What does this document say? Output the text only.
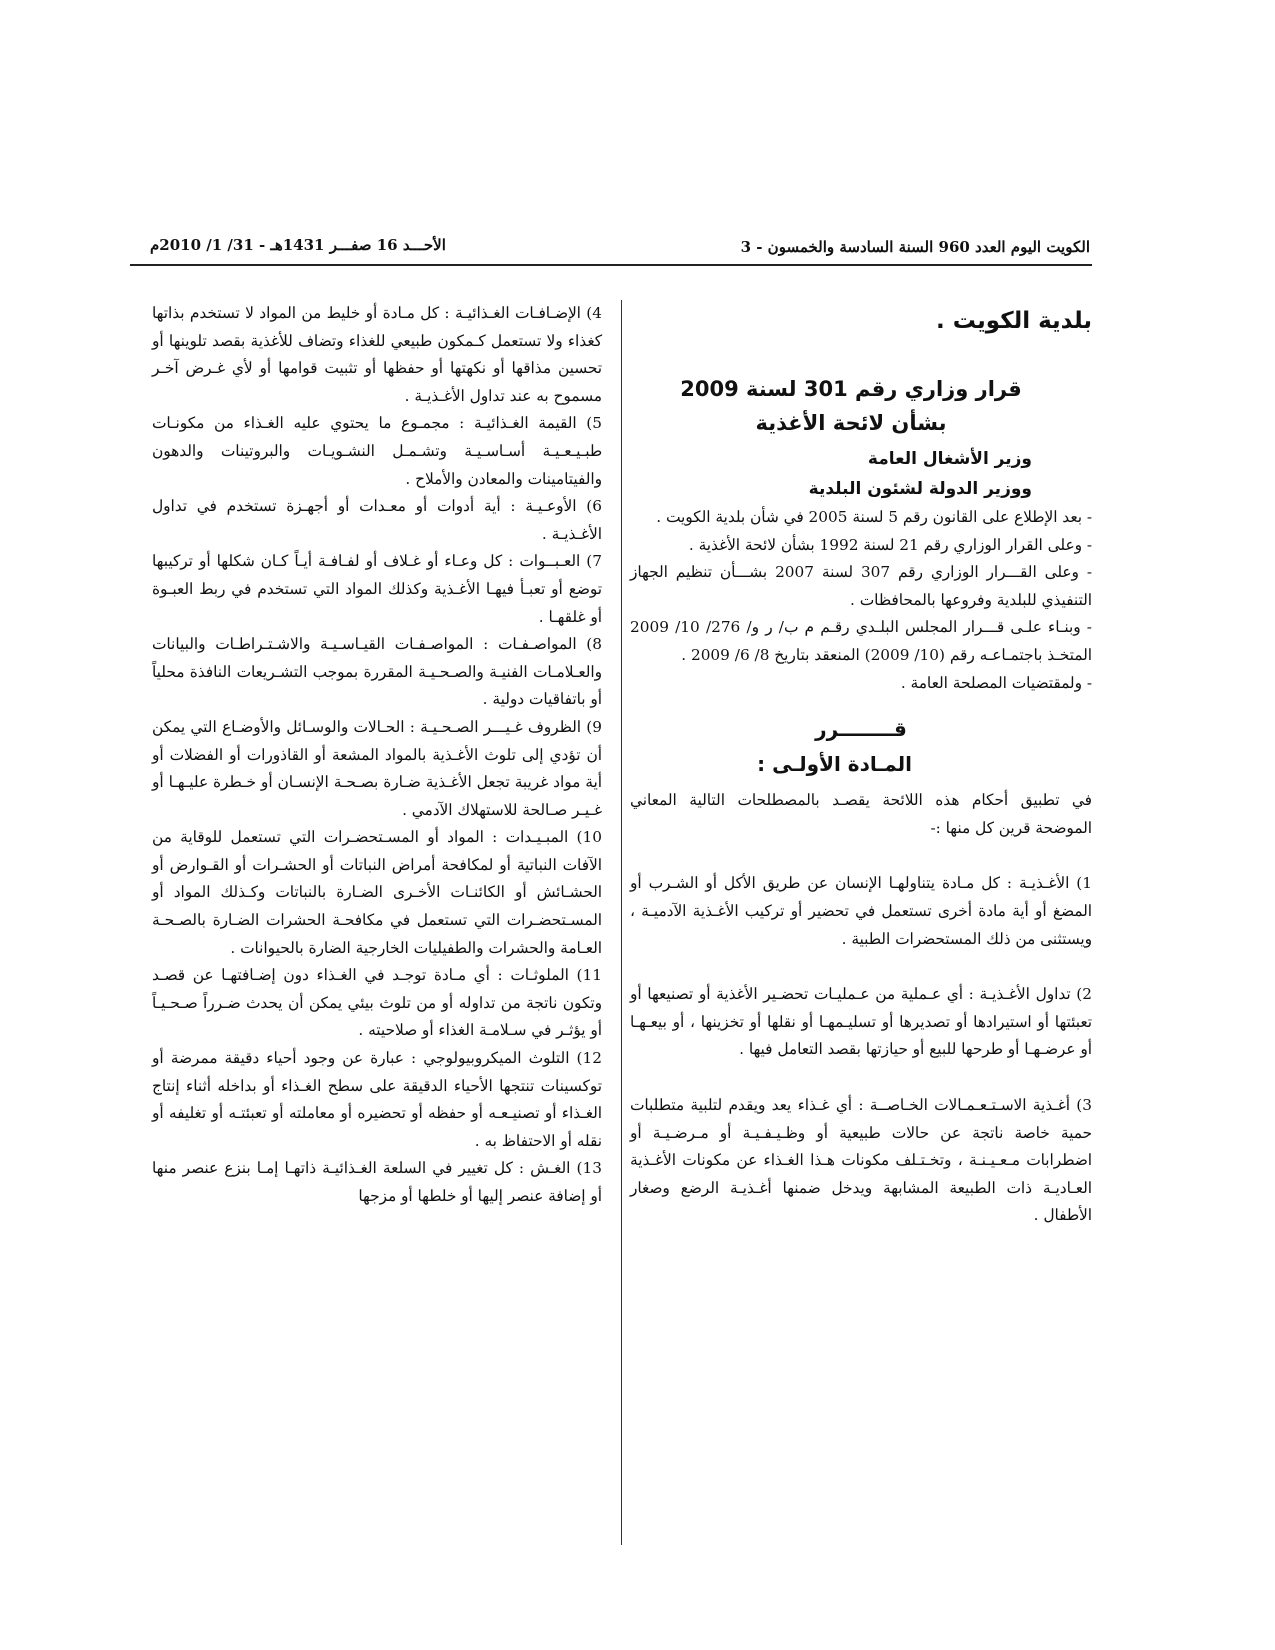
الكويت اليوم العدد 960 السنة السادسة والخمسون - 3
الأحـــد 16 صفـــر 1431هـ - 31/ 1/ 2010م

بلدية الكويت .

قرار وزاري رقم 301 لسنة 2009

بشأن لائحة الأغذية

وزير الأشغال العامة

ووزير الدولة لشئون البلدية

- بعد الإطلاع على القانون رقم 5 لسنة 2005 في شأن بلدية الكويت .

- وعلى القرار الوزاري رقم 21 لسنة 1992 بشأن لائحة الأغذية .

- وعلى القـــرار الوزاري رقم 307 لسنة 2007 بشـــأن تنظيم الجهاز التنفيذي للبلدية وفروعها بالمحافظات .

- وبنـاء علـى قـــرار المجلس البلـدي رقـم م ب/ ر و/ 276/ 10/ 2009 المتخـذ باجتمـاعـه رقم (10/ 2009) المنعقد بتاريخ 8/ 6/ 2009 .

- ولمقتضيات المصلحة العامة .

قــــــــرر

المـادة الأولـى :

في تطبيق أحكام هذه اللائحة يقصـد بالمصطلحات التالية المعاني الموضحة قرين كل منها :-

1) الأغـذيـة : كل مـادة يتناولهـا الإنسان عن طريق الأكل أو الشـرب أو المضغ أو أية مادة أخرى تستعمل في تحضير أو تركيب الأغـذية الآدميـة ، ويستثنى من ذلك المستحضرات الطبية .

2) تداول الأغـذيـة : أي عـملية من عـمليـات تحضـير الأغذية أو تصنيعها أو تعبئتها أو استيرادها أو تصديرها أو تسليـمهـا أو نقلها أو تخزينها ، أو بيعـهـا أو عرضـهـا أو طرحها للبيع أو حيازتها بقصد التعامل فيها .

3) أغـذية الاسـتـعـمـالات الخـاصــة : أي غـذاء يعد ويقدم لتلبية متطلبات حمية خاصة ناتجة عن حالات طبيعية أو وظـيـفـيـة أو مـرضـيـة أو اضطرابات مـعـيـنـة ، وتخـتـلف مكونات هـذا الغـذاء عن مكونات الأغـذية العـاديـة ذات الطبيعة المشابهة ويدخل ضمنها أغـذيـة الرضع وصغار الأطفال .

4) الإضـافـات الغـذائيـة : كل مـادة أو خليط من المواد لا تستخدم بذاتها كغذاء ولا تستعمل كـمكون طبيعي للغذاء وتضاف للأغذية بقصد تلوينها أو تحسين مذاقها أو نكهتها أو حفظها أو تثبيت قوامها أو لأي غـرض آخـر مسموح به عند تداول الأغـذيـة .

5) القيمة الغـذائيـة : مجمـوع ما يحتوي عليه الغـذاء من مكونـات طبـيـعـيـة أسـاسـيـة وتشـمـل النشـويـات والبروتينات والدهون والفيتامينات والمعادن والأملاح .

6) الأوعـيـة : أية أدوات أو معـدات أو أجهـزة تستخدم في تداول الأغـذيـة .

7) العـبــوات : كل وعـاء أو غـلاف أو لفـافـة أيـاً كـان شكلها أو تركيبها توضع أو تعبـأ فيهـا الأغـذية وكذلك المواد التي تستخدم في ربط العبـوة أو غلقهـا .

8) المواصـفـات : المواصـفـات القيـاسـيـة والاشـتـراطـات والبيانات والعـلامـات الفنيـة والصـحـيـة المقررة بموجب التشـريعات النافذة محلياً أو باتفاقيات دولية .

9) الظروف غـيـــر الصـحـيـة : الحـالات والوسـائل والأوضـاع التي يمكن أن تؤدي إلى تلوث الأغـذية بالمواد المشعة أو القاذورات أو الفضلات أو أية مواد غريبة تجعل الأغـذية ضـارة بصـحـة الإنسـان أو خـطرة عليـهـا أو غـيـر صـالحة للاستهلاك الآدمي .

10) المبـيـدات : المواد أو المسـتحضـرات التي تستعمل للوقاية من الآفات النباتية أو لمكافحة أمراض النباتات أو الحشـرات أو القـوارض أو الحشـائش أو الكائنـات الأخـرى الضـارة بالنباتات وكـذلك المواد أو المسـتحضـرات التي تستعمل في مكافحـة الحشرات الضـارة بالصـحـة العـامة والحشرات والطفيليات الخارجية الضارة بالحيوانات .

11) الملوثـات : أي مـادة توجـد في الغـذاء دون إضـافتهـا عن قصـد وتكون ناتجة من تداوله أو من تلوث بيئي يمكن أن يحدث ضـرراً صـحـيـاً أو يؤثـر في سـلامـة الغذاء أو صلاحيته .

12) التلوث الميكروبيولوجي : عبارة عن وجود أحياء دقيقة ممرضة أو توكسينات تنتجها الأحياء الدقيقة على سطح الغـذاء أو بداخله أثناء إنتاج الغـذاء أو تصنيـعـه أو حفظه أو تحضيره أو معاملته أو تعبئتـه أو تغليفه أو نقله أو الاحتفاظ به .

13) الغـش : كل تغيير في السلعة الغـذائيـة ذاتهـا إمـا بنزع عنصر منها أو إضافة عنصر إليها أو خلطها أو مزجها
